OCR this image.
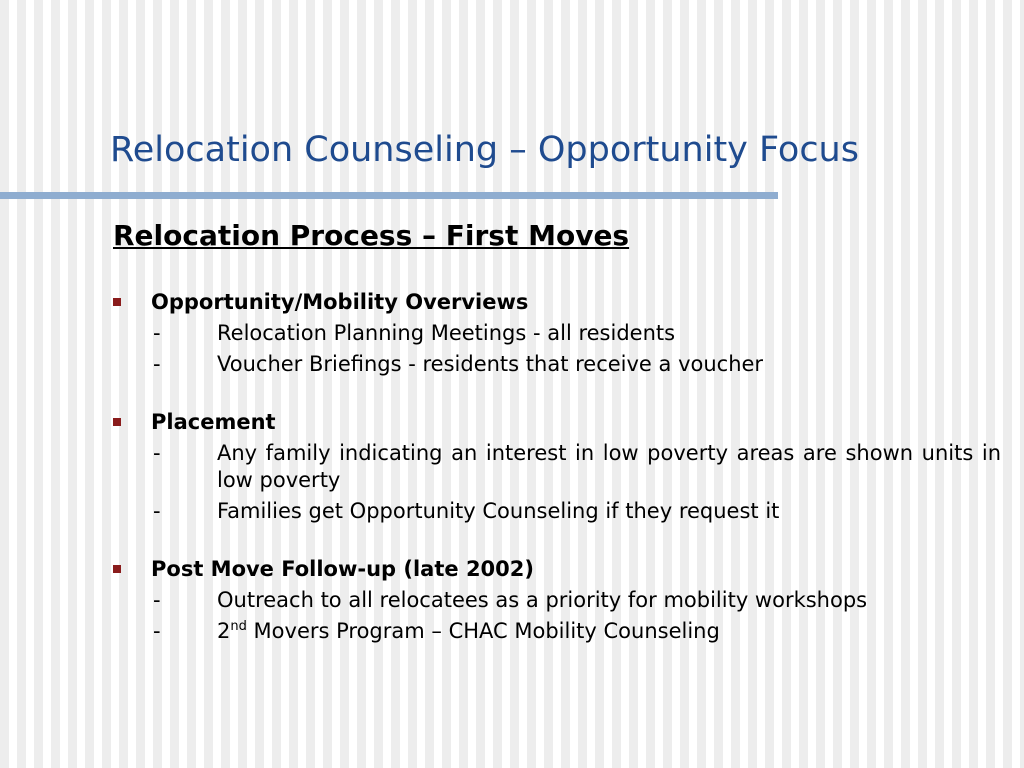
Relocation Counseling – Opportunity Focus
Relocation Process – First Moves
Opportunity/Mobility Overviews
-	Relocation Planning Meetings - all residents
-	Voucher Briefings - residents that receive a voucher
Placement
-	Any family indicating an interest in low poverty areas are shown units in low poverty
-	Families get Opportunity Counseling if they request it
Post Move Follow-up (late 2002)
-	Outreach to all relocatees as a priority for mobility workshops
-	2nd Movers Program – CHAC Mobility Counseling
